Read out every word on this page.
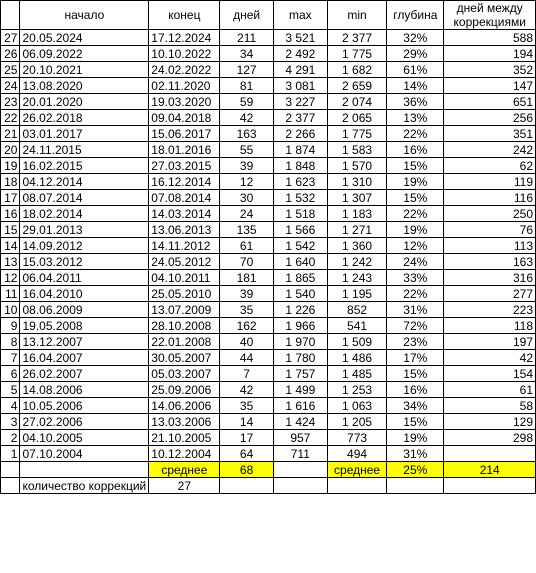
	начало	конец	дней	max	min	глубина	дней между
коррекциями
27	20.05.2024	17.12.2024	211	3 521	2 377	32%	588
26	06.09.2022	10.10.2022	34	2 492	1 775	29%	194
25	20.10.2021	24.02.2022	127	4 291	1 682	61%	352
24	13.08.2020	02.11.2020	81	3 081	2 659	14%	147
23	20.01.2020	19.03.2020	59	3 227	2 074	36%	651
22	26.02.2018	09.04.2018	42	2 377	2 065	13%	256
21	03.01.2017	15.06.2017	163	2 266	1 775	22%	351
20	24.11.2015	18.01.2016	55	1 874	1 583	16%	242
19	16.02.2015	27.03.2015	39	1 848	1 570	15%	62
18	04.12.2014	16.12.2014	12	1 623	1 310	19%	119
17	08.07.2014	07.08.2014	30	1 532	1 307	15%	116
16	18.02.2014	14.03.2014	24	1 518	1 183	22%	250
15	29.01.2013	13.06.2013	135	1 566	1 271	19%	76
14	14.09.2012	14.11.2012	61	1 542	1 360	12%	113
13	15.03.2012	24.05.2012	70	1 640	1 242	24%	163
12	06.04.2011	04.10.2011	181	1 865	1 243	33%	316
11	16.04.2010	25.05.2010	39	1 540	1 195	22%	277
10	08.06.2009	13.07.2009	35	1 226	852	31%	223
9	19.05.2008	28.10.2008	162	1 966	541	72%	118
8	13.12.2007	22.01.2008	40	1 970	1 509	23%	197
7	16.04.2007	30.05.2007	44	1 780	1 486	17%	42
6	26.02.2007	05.03.2007	7	1 757	1 485	15%	154
5	14.08.2006	25.09.2006	42	1 499	1 253	16%	61
4	10.05.2006	14.06.2006	35	1 616	1 063	34%	58
3	27.02.2006	13.03.2006	14	1 424	1 205	15%	129
2	04.10.2005	21.10.2005	17	957	773	19%	298
1	07.10.2004	10.12.2004	64	711	494	31%	
		среднее	68		среднее	25%	214
	количество коррекций	27					
